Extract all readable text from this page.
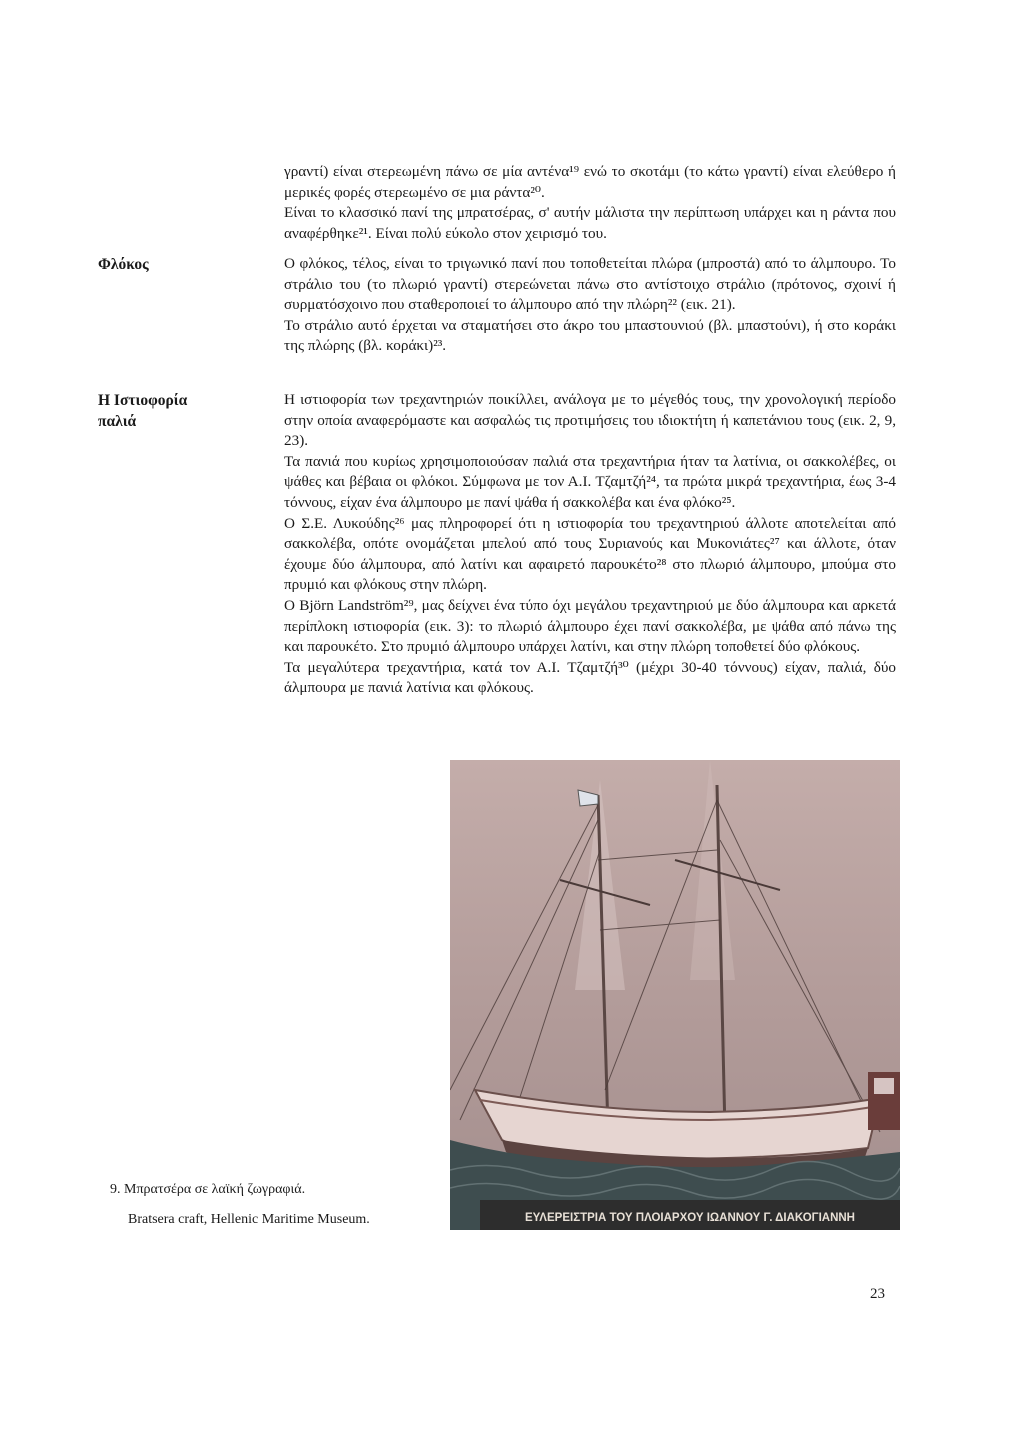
γραντί) είναι στερεωμένη πάνω σε μία αντένα¹⁹ ενώ το σκοτάμι (το κάτω γραντί) είναι ελεύθερο ή μερικές φορές στερεωμένο σε μια ράντα²⁰.

Είναι το κλασσικό πανί της μπρατσέρας, σ' αυτήν μάλιστα την περίπτωση υπάρχει και η ράντα που αναφέρθηκε²¹. Είναι πολύ εύκολο στον χειρισμό του.

Φλόκος	Ο φλόκος, τέλος, είναι το τριγωνικό πανί που τοποθετείται πλώρα (μπροστά) από το άλμπουρο. Το στράλιο του (το πλωριό γραντί) στερεώνεται πάνω στο αντίστοιχο στράλιο (πρότονος, σχοινί ή συρματόσχοινο που σταθεροποιεί το άλμπουρο από την πλώρη²² (εικ. 21).

Το στράλιο αυτό έρχεται να σταματήσει στο άκρο του μπαστουνιού (βλ. μπαστούνι), ή στο κοράκι της πλώρης (βλ. κοράκι)²³.

Η Ιστιοφορία
παλιά

Η ιστιοφορία των τρεχαντηριών ποικίλλει, ανάλογα με το μέγεθός τους, την χρονολογική περίοδο στην οποία αναφερόμαστε και ασφαλώς τις προτιμήσεις του ιδιοκτήτη ή καπετάνιου τους (εικ. 2, 9, 23).

Τα πανιά που κυρίως χρησιμοποιούσαν παλιά στα τρεχαντήρια ήταν τα λατίνια, οι σακκολέβες, οι ψάθες και βέβαια οι φλόκοι. Σύμφωνα με τον Α.Ι. Τζαμτζή²⁴, τα πρώτα μικρά τρεχαντήρια, έως 3-4 τόννους, είχαν ένα άλμπουρο με πανί ψάθα ή σακκολέβα και ένα φλόκο²⁵.

Ο Σ.Ε. Λυκούδης²⁶ μας πληροφορεί ότι η ιστιοφορία του τρεχαντηριού άλλοτε αποτελείται από σακκολέβα, οπότε ονομάζεται μπελού από τους Συριανούς και Μυκονιάτες²⁷ και άλλοτε, όταν έχουμε δύο άλμπουρα, από λατίνι και αφαιρετό παρουκέτο²⁸ στο πλωριό άλμπουρο, μπούμα στο πρυμιό και φλόκους στην πλώρη.

Ο Björn Landström²⁹, μας δείχνει ένα τύπο όχι μεγάλου τρεχαντηριού με δύο άλμπουρα και αρκετά περίπλοκη ιστιοφορία (εικ. 3): το πλωριό άλμπουρο έχει πανί σακκολέβα, με ψάθα από πάνω της και παρουκέτο. Στο πρυμιό άλμπουρο υπάρχει λατίνι, και στην πλώρη τοποθετεί δύο φλόκους.

Τα μεγαλύτερα τρεχαντήρια, κατά τον Α.Ι. Τζαμτζή³⁰ (μέχρι 30-40 τόννους) είχαν, παλιά, δύο άλμπουρα με πανιά λατίνια και φλόκους.

ΕΥΛΕΡΕΙΣΤΡΙΑ ΤΟΥ ΠΛΟΙΑΡΧΟΥ ΙΩΑΝΝΟΥ Γ. ΔΙΑΚΟΓΙΑΝΝΗ
9. Μπρατσέρα σε λαϊκή ζωγραφιά.
Bratsera craft, Hellenic Maritime Museum.
23
